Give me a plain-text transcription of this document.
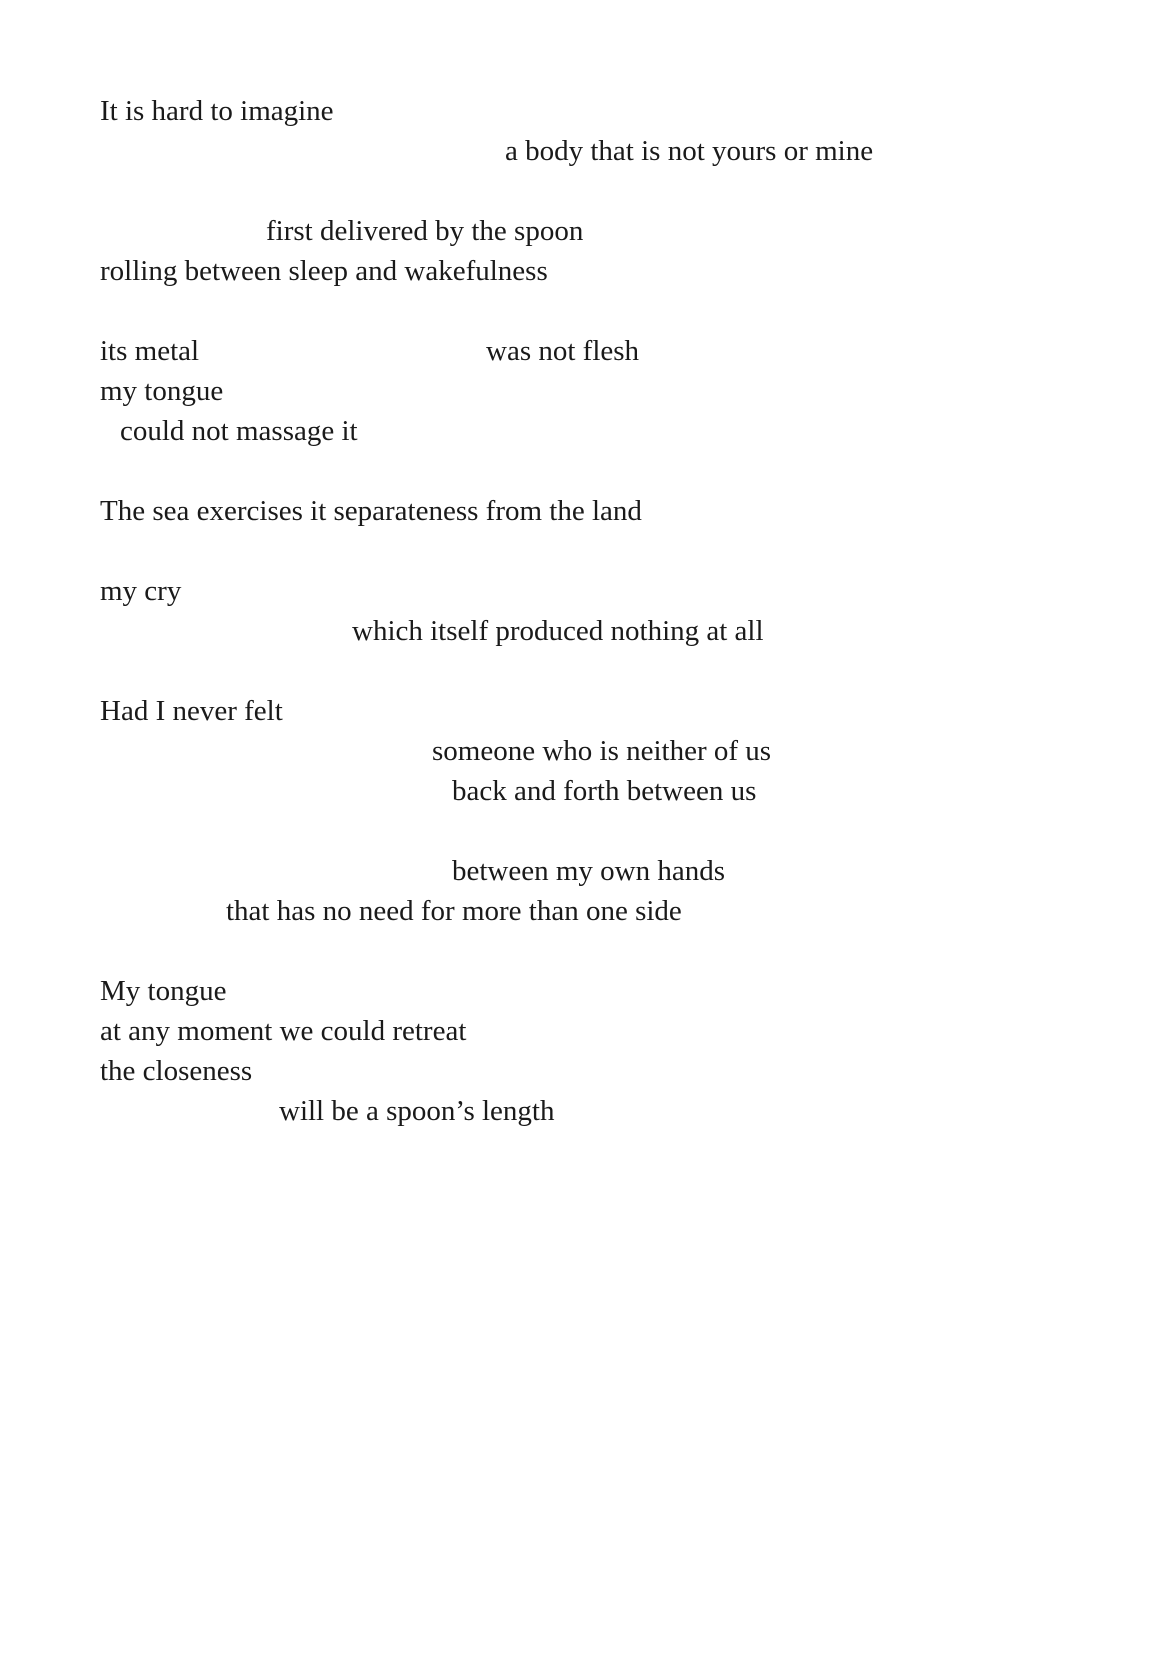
It is hard to imagine
a body that is not yours or mine
first delivered by the spoon
rolling between sleep and wakefulness
its metal	was not flesh
my tongue
could not massage it
The sea exercises it separateness from the land
my cry
which itself produced nothing at all
Had I never felt
someone who is neither of us
back and forth between us
between my own hands
that has no need for more than one side
My tongue
at any moment we could retreat
the closeness
will be a spoon’s length
